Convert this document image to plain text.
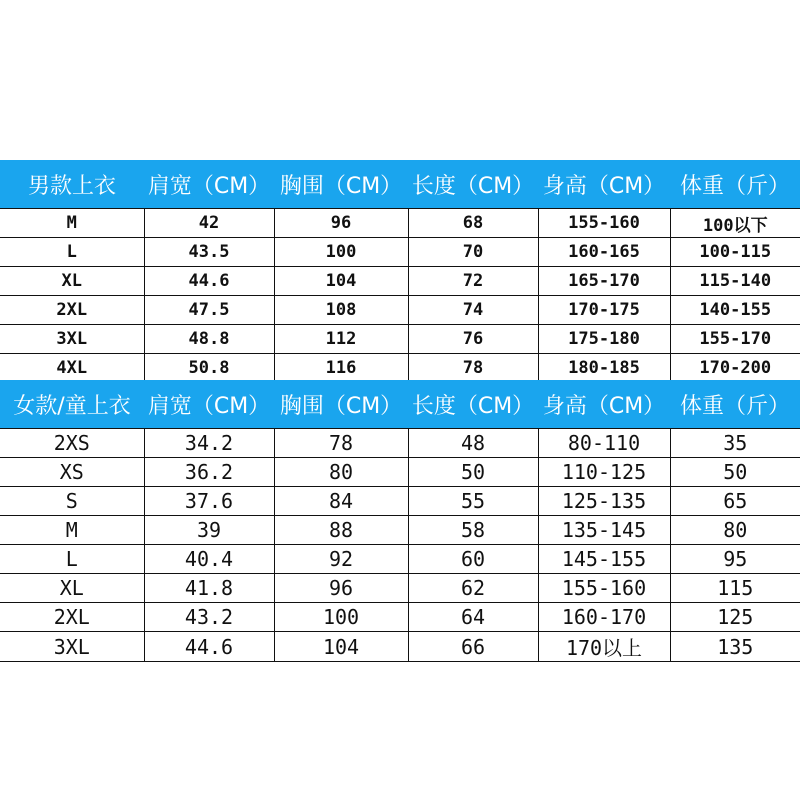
男款上衣	肩宽（CM）	胸围（CM）	长度（CM）	身高（CM）	体重（斤）
M	42	96	68	155-160	100以下
L	43.5	100	70	160-165	100-115
XL	44.6	104	72	165-170	115-140
2XL	47.5	108	74	170-175	140-155
3XL	48.8	112	76	175-180	155-170
4XL	50.8	116	78	180-185	170-200
女款/童上衣	肩宽（CM）	胸围（CM）	长度（CM）	身高（CM）	体重（斤）
2XS	34.2	78	48	80-110	35
XS	36.2	80	50	110-125	50
S	37.6	84	55	125-135	65
M	39	88	58	135-145	80
L	40.4	92	60	145-155	95
XL	41.8	96	62	155-160	115
2XL	43.2	100	64	160-170	125
3XL	44.6	104	66	170以上	135
